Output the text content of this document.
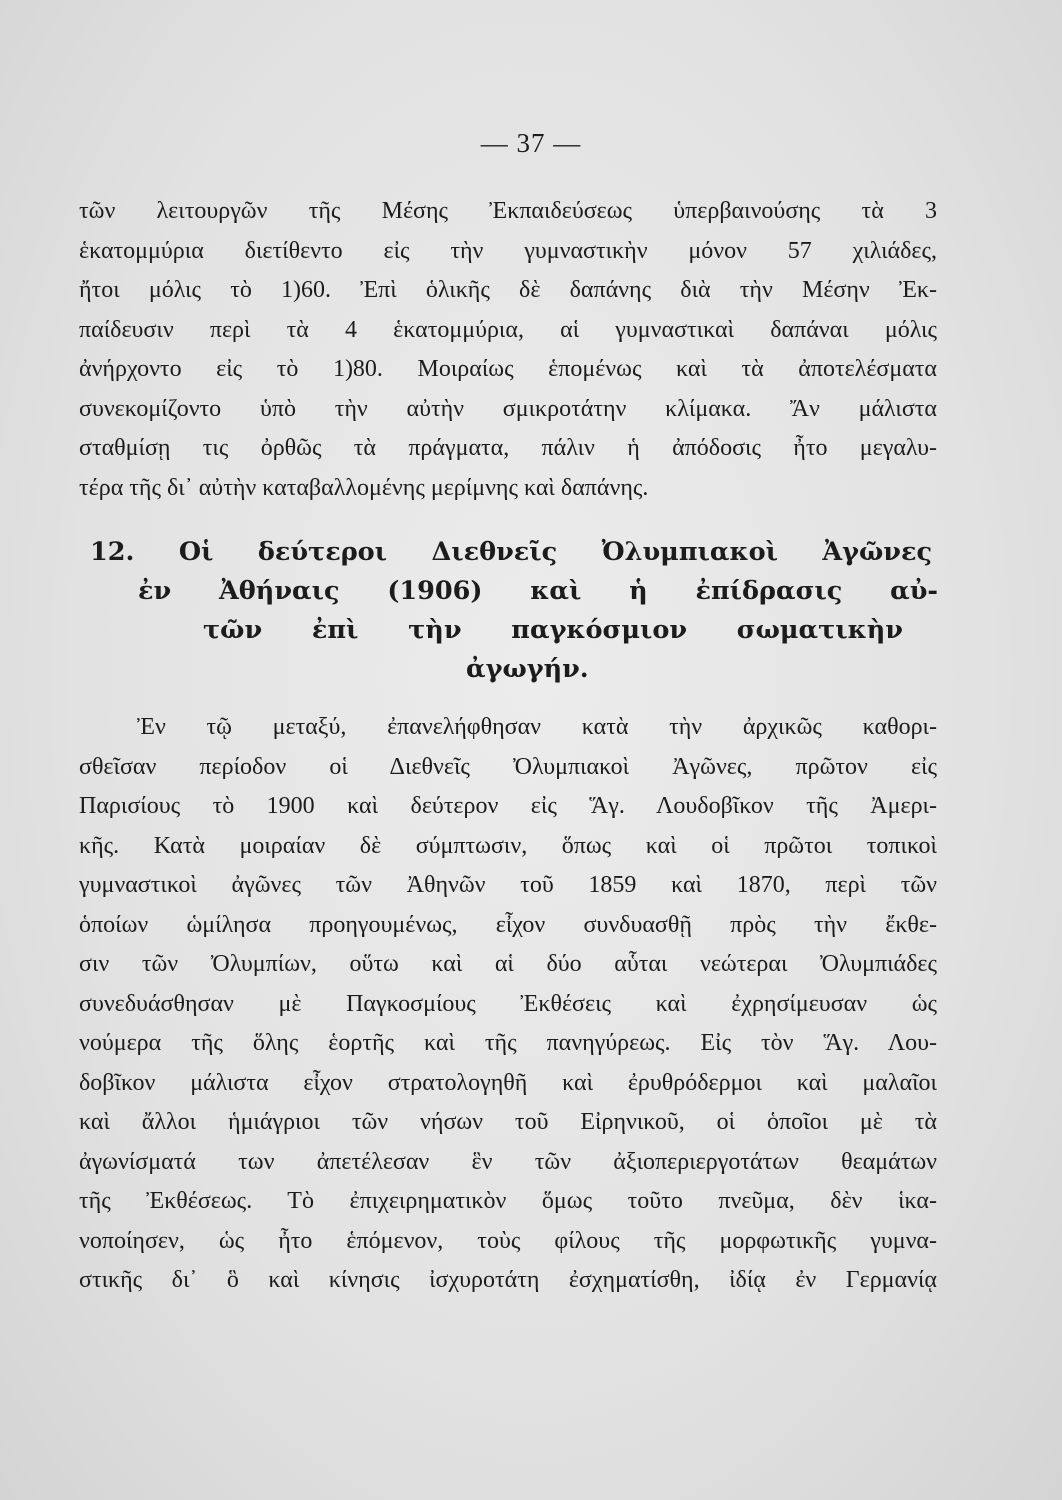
— 37 —
τῶν λειτουργῶν τῆς Μέσης Ἐκπαιδεύσεως ὑπερβαινούσης τὰ 3
ἑκατομμύρια διετίθεντο εἰς τὴν γυμναστικὴν μόνον 57 χιλιάδες,
ἤτοι μόλις τὸ 1)60. Ἐπὶ ὁλικῆς δὲ δαπάνης διὰ τὴν Μέσην Ἐκ-
παίδευσιν περὶ τὰ 4 ἑκατομμύρια, αἱ γυμναστικαὶ δαπάναι μόλις
ἀνήρχοντο εἰς τὸ 1)80. Μοιραίως ἑπομένως καὶ τὰ ἀποτελέσματα
συνεκομίζοντο ὑπὸ τὴν αὐτὴν σμικροτάτην κλίμακα. Ἄν μάλιστα
σταθμίσῃ τις ὀρθῶς τὰ πράγματα, πάλιν ἡ ἀπόδοσις ἦτο μεγαλυ-
τέρα τῆς δι᾽ αὐτὴν καταβαλλομένης μερίμνης καὶ δαπάνης.
12. Οἱ δεύτεροι Διεθνεῖς Ὀλυμπιακοὶ Ἀγῶνες
ἐν Ἀθήναις (1906) καὶ ἡ ἐπίδρασις αὐ-
τῶν ἐπὶ τὴν παγκόσμιον σωματικὴν
ἀγωγήν.
Ἐν τῷ μεταξύ, ἐπανελήφθησαν κατὰ τὴν ἀρχικῶς καθορι-
σθεῖσαν περίοδον οἱ Διεθνεῖς Ὀλυμπιακοὶ Ἀγῶνες, πρῶτον εἰς
Παρισίους τὸ 1900 καὶ δεύτερον εἰς Ἅγ. Λουδοβῖκον τῆς Ἀμερι-
κῆς. Κατὰ μοιραίαν δὲ σύμπτωσιν, ὅπως καὶ οἱ πρῶτοι τοπικοὶ
γυμναστικοὶ ἀγῶνες τῶν Ἀθηνῶν τοῦ 1859 καὶ 1870, περὶ τῶν
ὁποίων ὡμίλησα προηγουμένως, εἶχον συνδυασθῇ πρὸς τὴν ἔκθε-
σιν τῶν Ὀλυμπίων, οὕτω καὶ αἱ δύο αὗται νεώτεραι Ὀλυμπιάδες
συνεδυάσθησαν μὲ Παγκοσμίους Ἐκθέσεις καὶ ἐχρησίμευσαν ὡς
νούμερα τῆς ὅλης ἑορτῆς καὶ τῆς πανηγύρεως. Εἰς τὸν Ἅγ. Λου-
δοβῖκον μάλιστα εἶχον στρατολογηθῆ καὶ ἐρυθρόδερμοι καὶ μαλαῖοι
καὶ ἄλλοι ἡμιάγριοι τῶν νήσων τοῦ Εἰρηνικοῦ, οἱ ὁποῖοι μὲ τὰ
ἀγωνίσματά των ἀπετέλεσαν ἓν τῶν ἀξιοπεριεργοτάτων θεαμάτων
τῆς Ἐκθέσεως. Τὸ ἐπιχειρηματικὸν ὅμως τοῦτο πνεῦμα, δὲν ἱκα-
νοποίησεν, ὡς ἦτο ἑπόμενον, τοὺς φίλους τῆς μορφωτικῆς γυμνα-
στικῆς δι᾽ ὃ καὶ κίνησις ἰσχυροτάτη ἐσχηματίσθη, ἰδίᾳ ἐν Γερμανίᾳ
